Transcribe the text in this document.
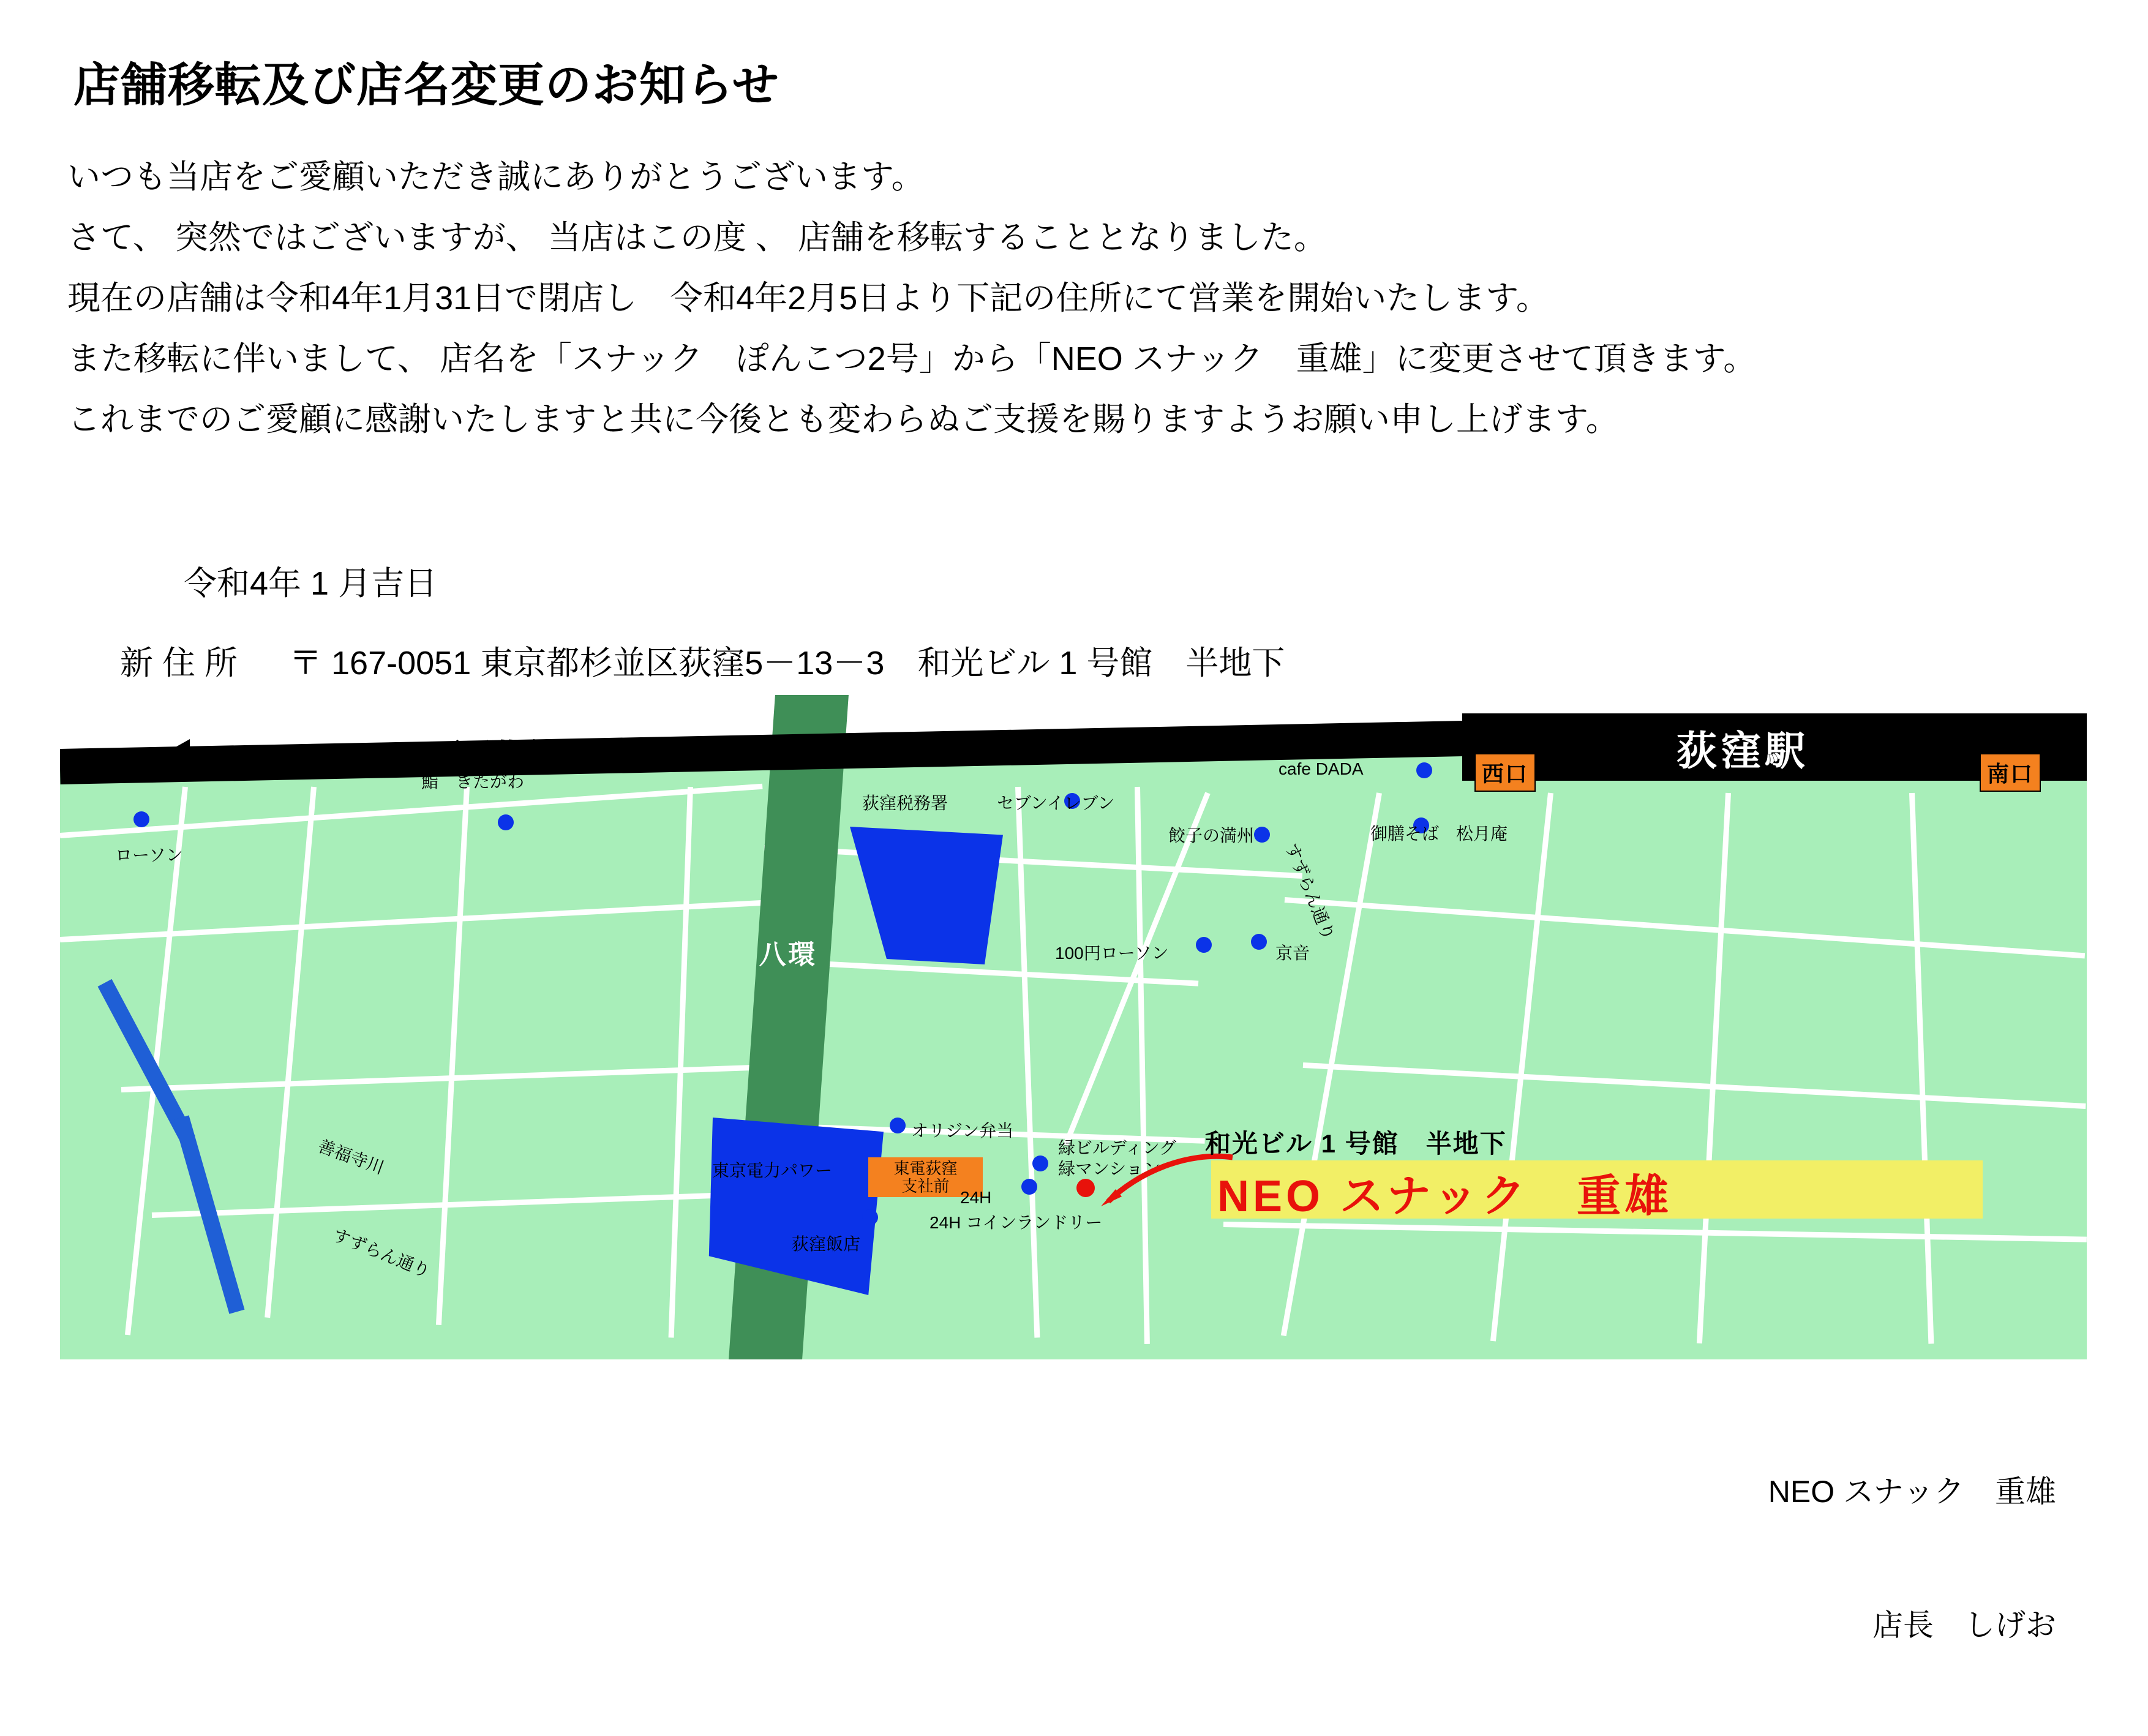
店舗移転及び店名変更のお知らせ
いつも当店をご愛顧いただき誠にありがとうございます。
さて、 突然ではございますが、 当店はこの度 、 店舗を移転することとなりました。
現在の店舗は令和4年1月31日で閉店し　令和4年2月5日より下記の住所にて営業を開始いたします。
また移転に伴いまして、 店名を「スナック　ぽんこつ2号」から「NEO スナック　重雄」に変更させて頂きます。
これまでのご愛顧に感謝いたしますと共に今後とも変わらぬご支援を賜りますようお願い申し上げます。
令和4年 1 月吉日
新 住 所 　 〒 167-0051 東京都杉並区荻窪5－13－3　和光ビル 1 号館　半地下
環
八
荻窪駅
西口	南口
至西荻窪
ローソン
鮨　きたがわ
荻窪税務署	セブンイレブン
cafe DADA
餃子の満州	御膳そば　松月庵
すずらん通り
100円ローソン	京音
オリジン弁当
東京電力パワー	東電荻窪
支社前
緑ビルディング
緑マンション
24H
24H コインランドリー
荻窪飯店
善福寺川
すずらん通り
和光ビル 1 号館　半地下
NEO スナック　重雄

NEO スナック　重雄

店長　しげお
